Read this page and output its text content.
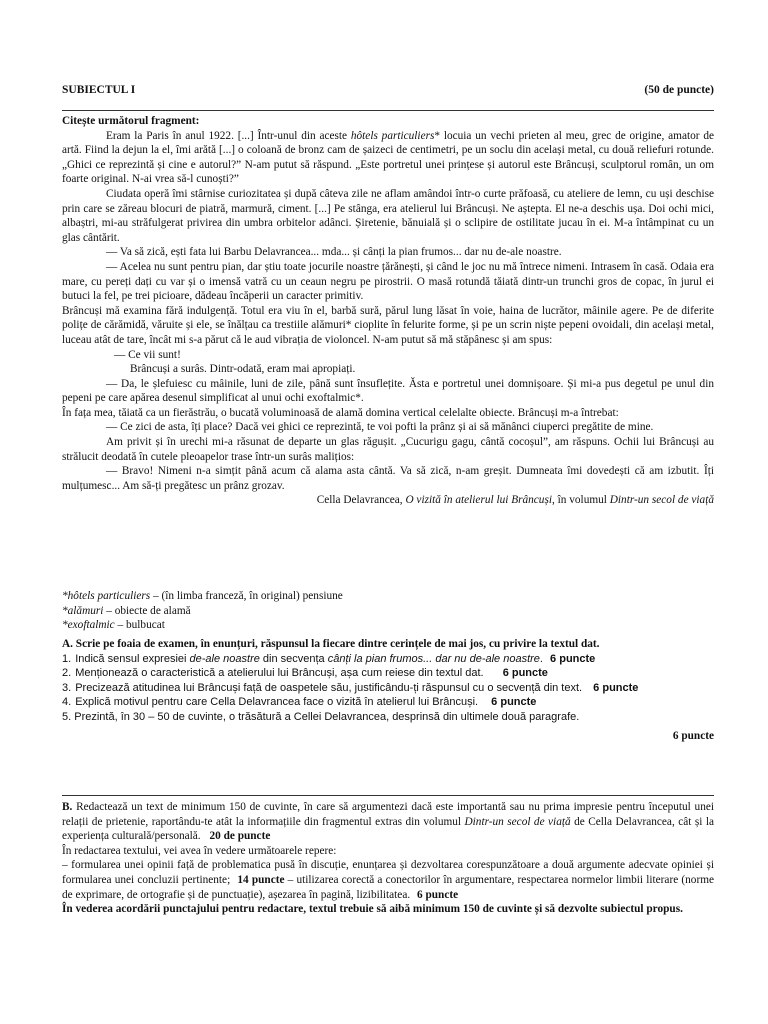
SUBIECTUL I	(50 de puncte)

Citește următorul fragment:

Eram la Paris în anul 1922. [...] Într-unul din aceste hôtels particuliers* locuia un vechi prieten al meu, grec de origine, amator de artă. Fiind la dejun la el, îmi arătă [...] o coloană de bronz cam de șaizeci de centimetri, pe un soclu din același metal, cu două reliefuri rotunde. „Ghici ce reprezintă și cine e autorul?” N-am putut să răspund. „Este portretul unei prințese și autorul este Brâncuși, sculptorul român, un om foarte original. N-ai vrea să-l cunoști?”

Ciudata operă îmi stârnise curiozitatea și după câteva zile ne aflam amândoi într-o curte prăfoasă, cu ateliere de lemn, cu uși deschise prin care se zăreau blocuri de piatră, marmură, ciment. [...] Pe stânga, era atelierul lui Brâncuși. Ne aștepta. El ne-a deschis ușa. Doi ochi mici, albaștri, mi-au străfulgerat privirea din umbra orbitelor adânci. Șiretenie, bănuială și o sclipire de ostilitate jucau în ei. M-a întâmpinat cu un glas cântărit.

— Va să zică, ești fata lui Barbu Delavrancea... mda... și cânți la pian frumos... dar nu de-ale noastre.

— Acelea nu sunt pentru pian, dar știu toate jocurile noastre țărănești, și când le joc nu mă întrece nimeni. Intrasem în casă. Odaia era mare, cu pereți dați cu var și o imensă vatră cu un ceaun negru pe pirostrii. O masă rotundă tăiată dintr-un trunchi gros de copac, în jurul ei butuci la fel, pe trei picioare, dădeau încăperii un caracter primitiv.

Brâncuși mă examina fără indulgență. Totul era viu în el, barbă sură, părul lung lăsat în voie, haina de lucrător, mâinile agere. Pe de diferite polițe de cărămidă, văruite și ele, se înălțau ca trestiile alămuri* cioplite în felurite forme, și pe un scrin niște pepeni ovoidali, din același metal, luceau atât de tare, încât mi s-a părut că le aud vibrația de violoncel. N-am putut să mă stăpânesc și am spus:

— Ce vii sunt!

Brâncuși a surâs. Dintr-odată, eram mai apropiați.

— Da, le șlefuiesc cu mâinile, luni de zile, până sunt însuflețite. Ăsta e portretul unei domnișoare. Și mi-a pus degetul pe unul din pepeni pe care apărea desenul simplificat al unui ochi exoftalmic*.

În fața mea, tăiată ca un fierăstrău, o bucată voluminoasă de alamă domina vertical celelalte obiecte. Brâncuși m-a întrebat:

— Ce zici de asta, îți place? Dacă vei ghici ce reprezintă, te voi pofti la prânz și ai să mănânci ciuperci pregătite de mine.

Am privit și în urechi mi-a răsunat de departe un glas răgușit. „Cucurigu gagu, cântă cocoșul”, am răspuns. Ochii lui Brâncuși au strălucit deodată în cutele pleoapelor trase într-un surâs malițios:

— Bravo! Nimeni n-a simțit până acum că alama asta cântă. Va să zică, n-am greșit. Dumneata îmi dovedești că am izbutit. Îți mulțumesc... Am să-ți pregătesc un prânz grozav.

Cella Delavrancea, O vizită în atelierul lui Brâncuși, în volumul Dintr-un secol de viață

*hôtels particuliers – (în limba franceză, în original) pensiune

*alămuri – obiecte de alamă

*exoftalmic – bulbucat

A. Scrie pe foaia de examen, în enunțuri, răspunsul la fiecare dintre cerințele de mai jos, cu privire la textul dat.

1. Indică sensul expresiei de-ale noastre din secvența cânți la pian frumos... dar nu de-ale noastre. 6 puncte

2. Menționează o caracteristică a atelierului lui Brâncuși, așa cum reiese din textul dat. 6 puncte

3. Precizează atitudinea lui Brâncuși față de oaspetele său, justificându-ți răspunsul cu o secvență din text. 6 puncte

4. Explică motivul pentru care Cella Delavrancea face o vizită în atelierul lui Brâncuși. 6 puncte

5. Prezintă, în 30 – 50 de cuvinte, o trăsătură a Cellei Delavrancea, desprinsă din ultimele două paragrafe.

6 puncte

B. Redactează un text de minimum 150 de cuvinte, în care să argumentezi dacă este importantă sau nu prima impresie pentru începutul unei relații de prietenie, raportându-te atât la informațiile din fragmentul extras din volumul Dintr-un secol de viață de Cella Delavrancea, cât și la experiența culturală/personală. 20 de puncte

În redactarea textului, vei avea în vedere următoarele repere:

– formularea unei opinii față de problematica pusă în discuție, enunțarea și dezvoltarea corespunzătoare a două argumente adecvate opiniei și formularea unei concluzii pertinente; 14 puncte – utilizarea corectă a conectorilor în argumentare, respectarea normelor limbii literare (norme de exprimare, de ortografie și de punctuație), așezarea în pagină, lizibilitatea. 6 puncte

În vederea acordării punctajului pentru redactare, textul trebuie să aibă minimum 150 de cuvinte și să dezvolte subiectul propus.
